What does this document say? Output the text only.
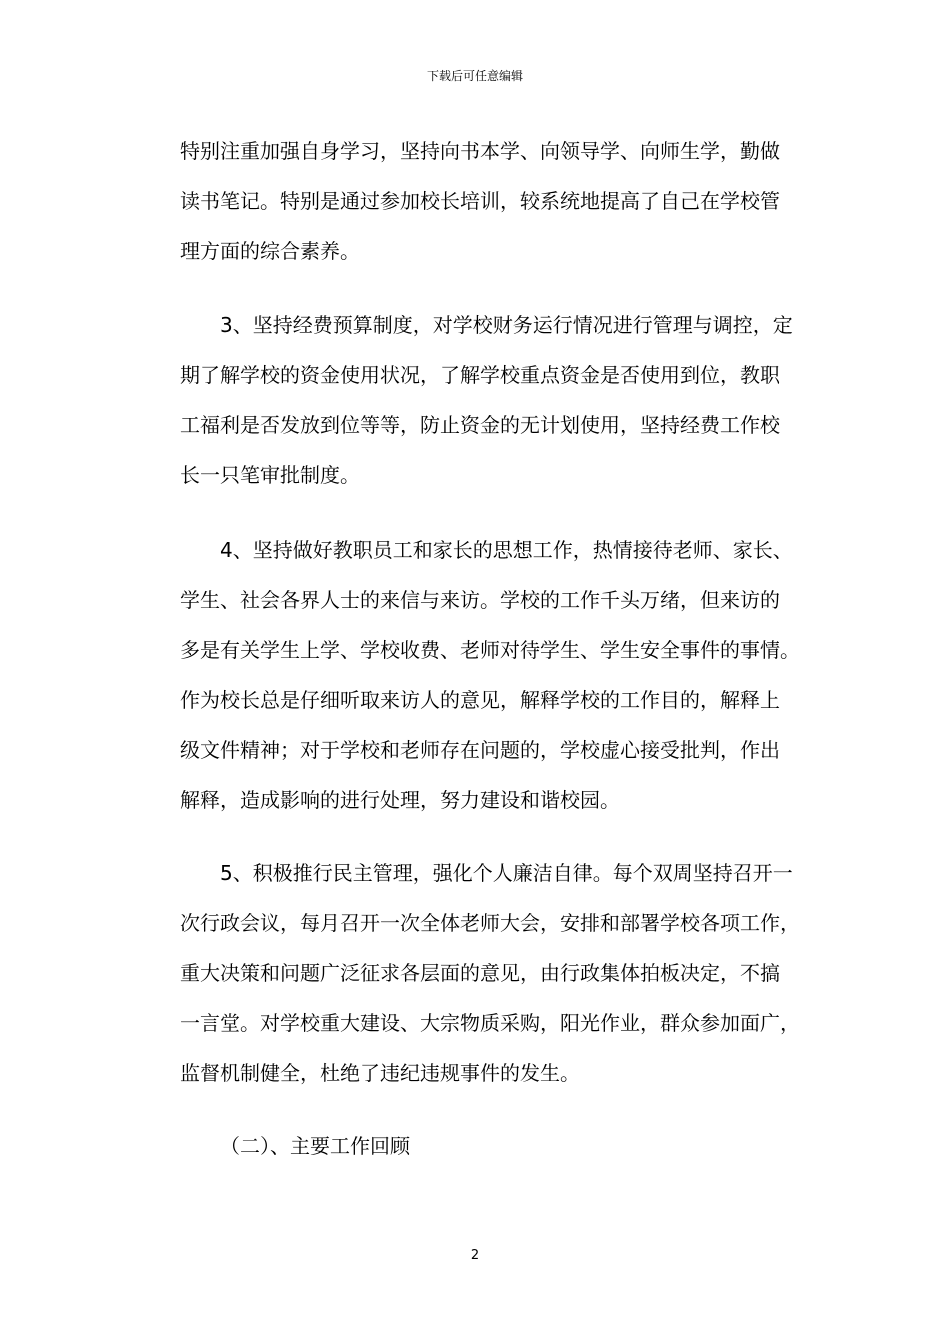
下载后可任意编辑
特别注重加强自身学习，坚持向书本学、向领导学、向师生学，勤做
读书笔记。特别是通过参加校长培训，较系统地提高了自己在学校管
理方面的综合素养。
3、坚持经费预算制度，对学校财务运行情况进行管理与调控，定
期了解学校的资金使用状况，了解学校重点资金是否使用到位，教职
工福利是否发放到位等等，防止资金的无计划使用，坚持经费工作校
长一只笔审批制度。
4、坚持做好教职员工和家长的思想工作，热情接待老师、家长、
学生、社会各界人士的来信与来访。学校的工作千头万绪，但来访的
多是有关学生上学、学校收费、老师对待学生、学生安全事件的事情。
作为校长总是仔细听取来访人的意见，解释学校的工作目的，解释上
级文件精神；对于学校和老师存在问题的，学校虚心接受批判，作出
解释，造成影响的进行处理，努力建设和谐校园。
5、积极推行民主管理，强化个人廉洁自律。每个双周坚持召开一
次行政会议，每月召开一次全体老师大会，安排和部署学校各项工作，
重大决策和问题广泛征求各层面的意见，由行政集体拍板决定，不搞
一言堂。对学校重大建设、大宗物质采购，阳光作业，群众参加面广，
监督机制健全，杜绝了违纪违规事件的发生。
（二）、主要工作回顾
2
